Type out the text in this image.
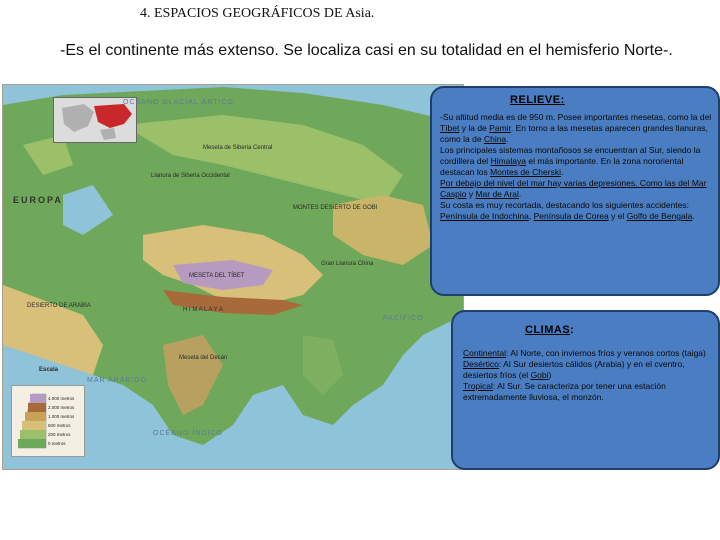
4. ESPACIOS GEOGRÁFICOS DE Asia.
-Es el continente más extenso. Se localiza casi en su totalidad en el hemisferio Norte-.
OCÉANO GLACIAL ÁRTICO
Llanura de Siberia Occidental
Meseta de Siberia Central
EUROPA
MONTES DESIERTO DE GOBI
MESETA DEL TÍBET
H I M A L A Y A
Gran Llanura China
DESIERTO DE ARABIA
Meseta del Decán
MAR ARÁBIGO
PACÍFICO
OCÉANO ÍNDICO
4.000 metros
2.000 metros
1.000 metros
500 metros
200 metros
0 metros
Escala
RELIEVE:
-Su altitud media es de 950 m. Posee importantes mesetas, como la del Tíbet y la de Pamir. En torno a las mesetas aparecen grandes llanuras, como la de China.
Los principales sistemas montañosos se encuentran al Sur, siendo la cordillera del Himalaya el más importante. En la zona nororiental destacan los Montes de Cherski.
Por debajo del nivel del mar hay varias depresiones. Como las del Mar Caspio y Mar de Aral.
Su costa es muy recortada, destacando los siguientes accidentes: Península de Indochina, Península de Corea y el Golfo de Bengala.
CLIMAS:
Continental: Al Norte, con inviernos fríos y veranos cortos (taiga)
Desértico: Al Sur desiertos cálidos (Arabia) y en el cventro, desiertos fríos (el Gobi)
Tropical: Al Sur. Se caracteriza por tener una estación extremadamente lluviosa, el monzón.
